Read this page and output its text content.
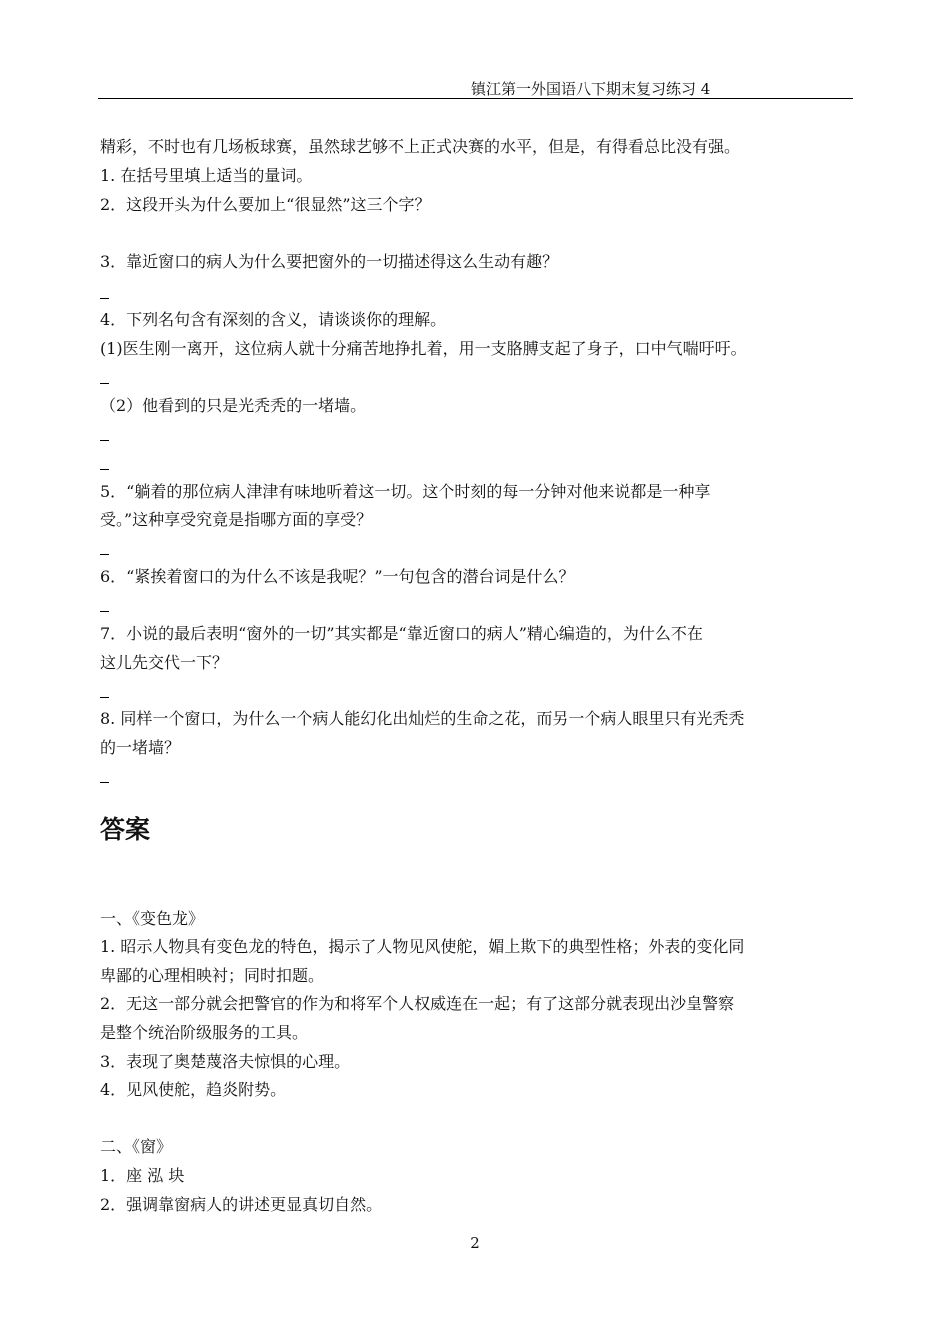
镇江第一外国语八下期末复习练习 4
精彩，不时也有几场板球赛，虽然球艺够不上正式决赛的水平，但是，有得看总比没有强。
1. 在括号里填上适当的量词。
2．这段开头为什么要加上“很显然”这三个字？
3．靠近窗口的病人为什么要把窗外的一切描述得这么生动有趣？
4．下列名句含有深刻的含义，请谈谈你的理解。
(1)医生刚一离开，这位病人就十分痛苦地挣扎着，用一支胳膊支起了身子，口中气喘吁吁。
（2）他看到的只是光秃秃的一堵墙。
5．“躺着的那位病人津津有味地听着这一切。这个时刻的每一分钟对他来说都是一种享
受。”这种享受究竟是指哪方面的享受？
6．“紧挨着窗口的为什么不该是我呢？”一句包含的潜台词是什么？
7．小说的最后表明“窗外的一切”其实都是“靠近窗口的病人”精心编造的，为什么不在
这儿先交代一下？
8. 同样一个窗口，为什么一个病人能幻化出灿烂的生命之花，而另一个病人眼里只有光秃秃
的一堵墙？
答案
一、《变色龙》
1. 昭示人物具有变色龙的特色，揭示了人物见风使舵，媚上欺下的典型性格；外表的变化同
卑鄙的心理相映衬；同时扣题。
2．无这一部分就会把警官的作为和将军个人权威连在一起；有了这部分就表现出沙皇警察
是整个统治阶级服务的工具。
3．表现了奥楚蔑洛夫惊惧的心理。
4．见风使舵，趋炎附势。
二、《窗》
1．座 泓 块
2．强调靠窗病人的讲述更显真切自然。
2
